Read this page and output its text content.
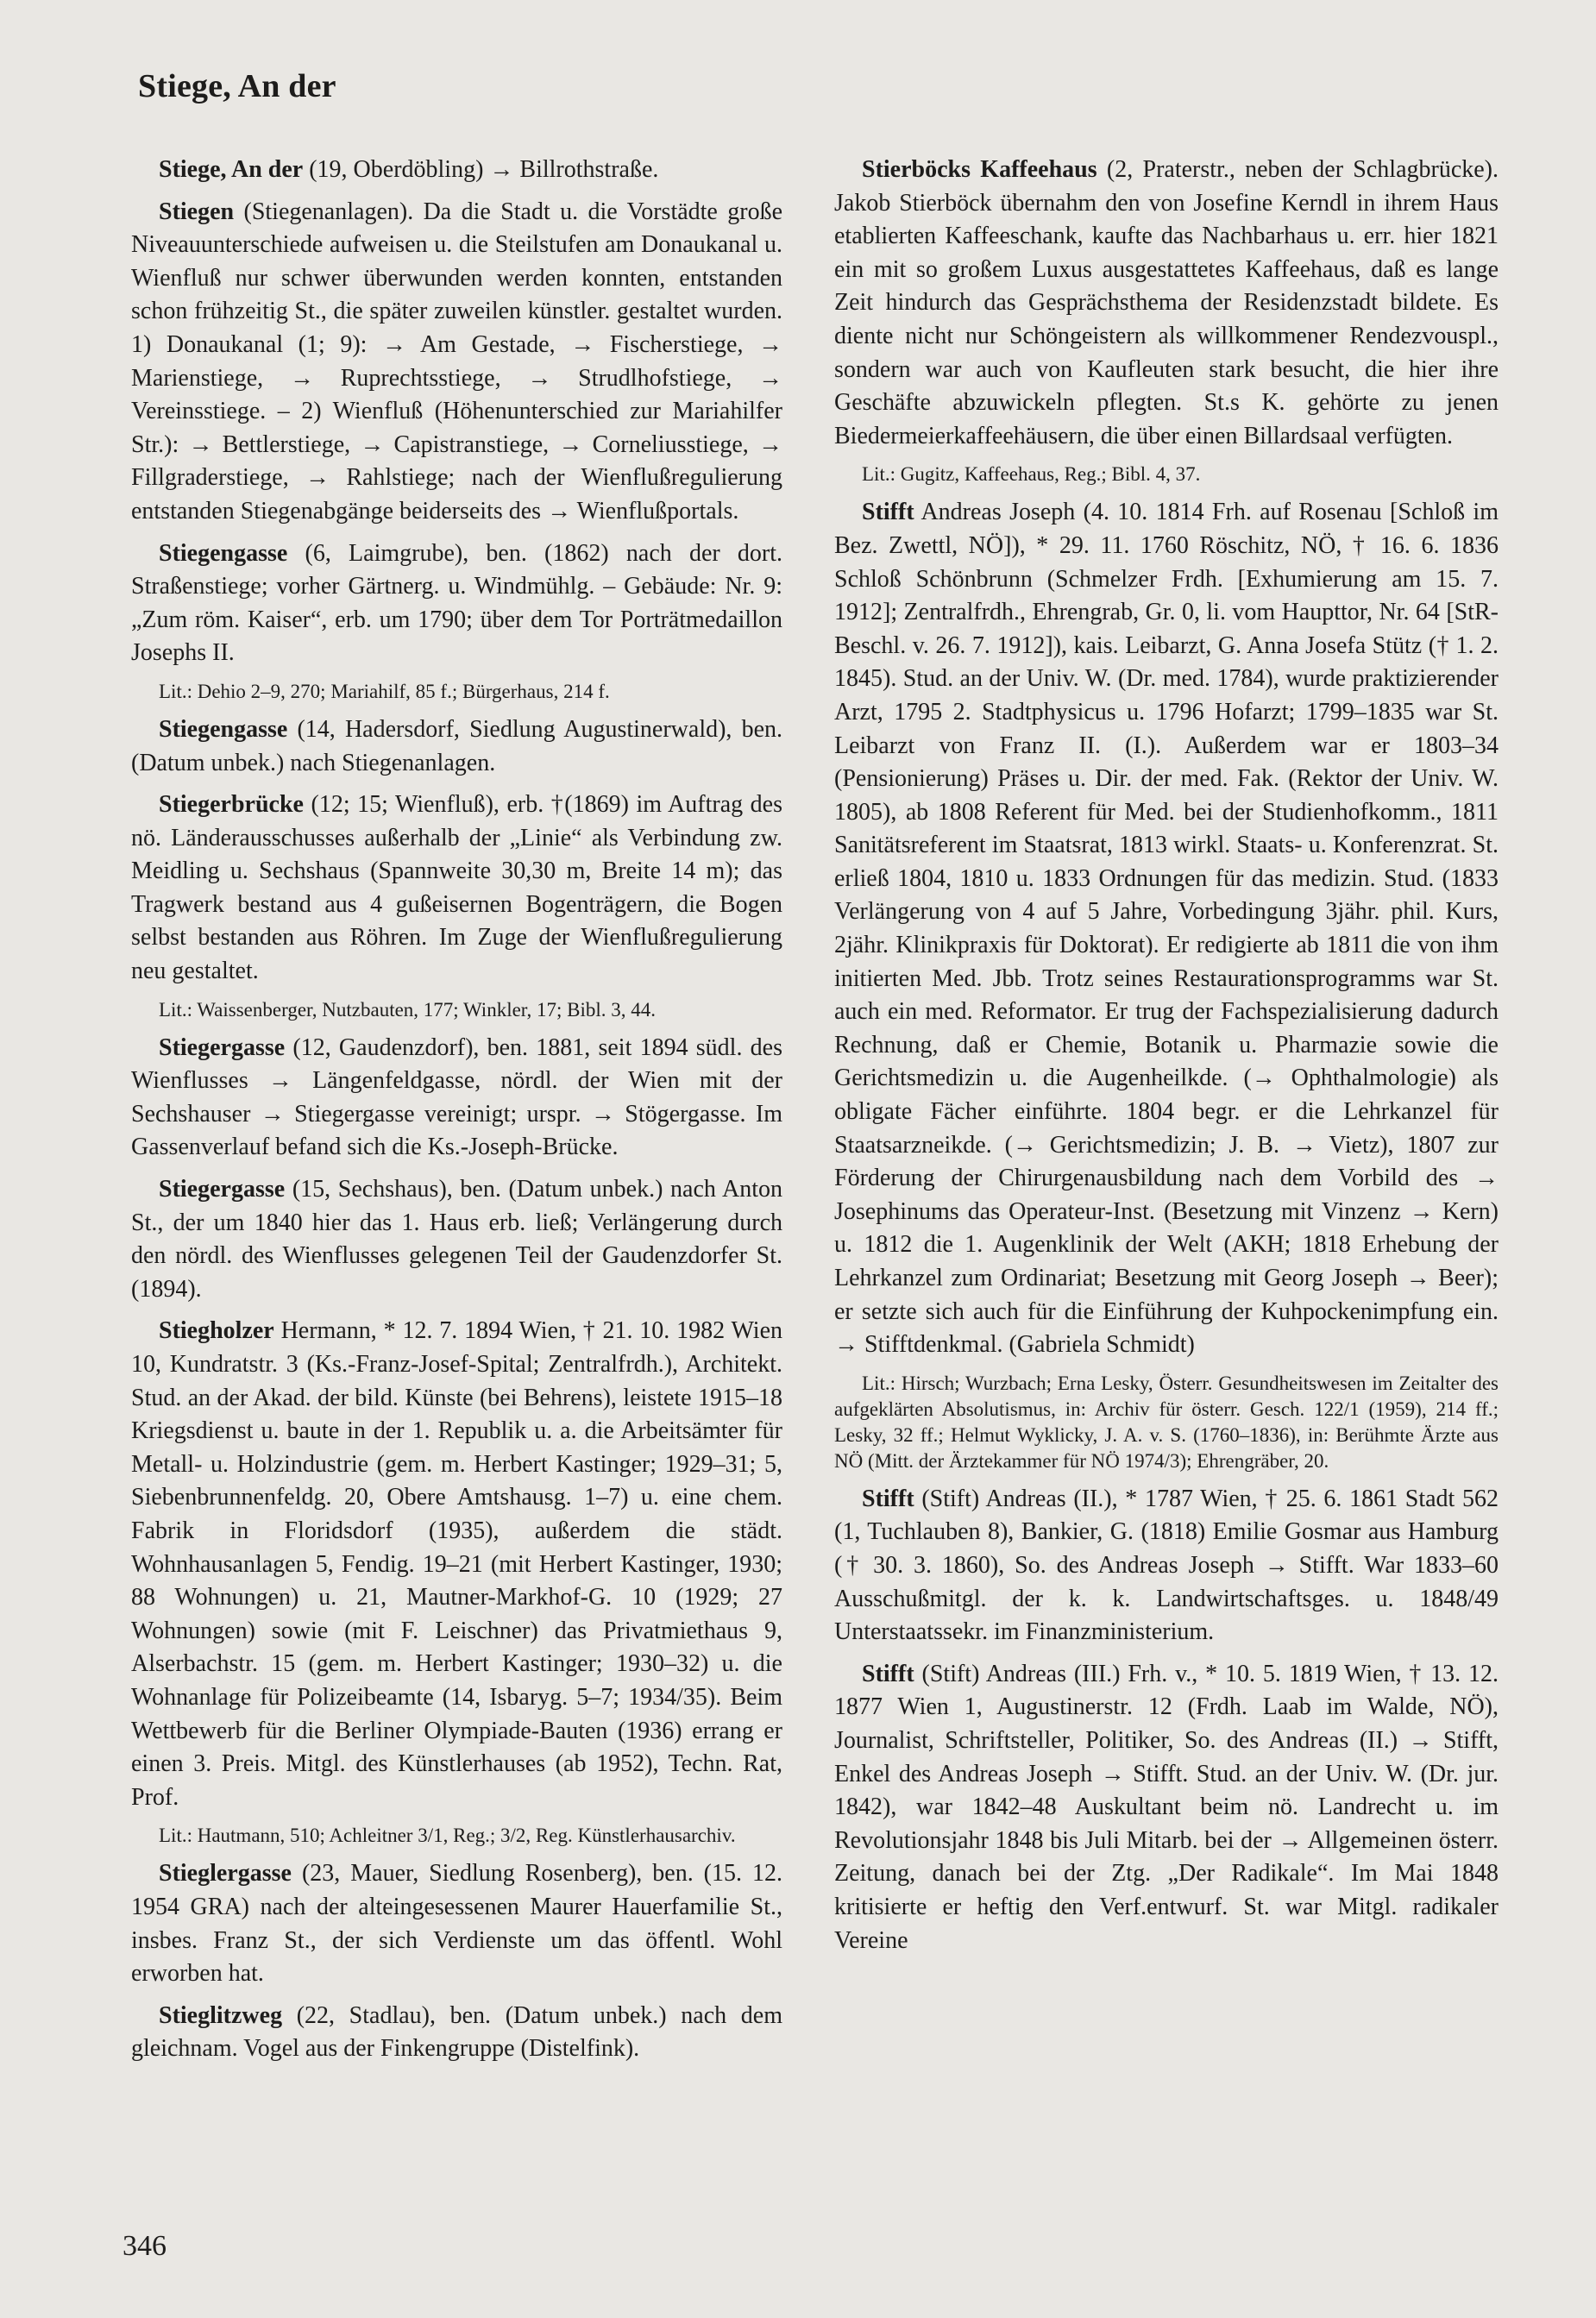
Stiege, An der

Stiege, An der (19, Oberdöbling) → Billrothstraße.

Stiegen (Stiegenanlagen). Da die Stadt u. die Vorstädte große Niveauunterschiede aufweisen u. die Steilstufen am Donaukanal u. Wienfluß nur schwer überwunden werden konnten, entstanden schon frühzeitig St., die später zuweilen künstler. gestaltet wurden. 1) Donaukanal (1; 9): → Am Gestade, → Fischerstiege, → Marienstiege, → Ruprechtsstiege, → Strudlhofstiege, → Vereinsstiege. – 2) Wienfluß (Höhenunterschied zur Mariahilfer Str.): → Bettlerstiege, → Capistranstiege, → Corneliusstiege, → Fillgraderstiege, → Rahlstiege; nach der Wienflußregulierung entstanden Stiegenabgänge beiderseits des → Wienflußportals.

Stiegengasse (6, Laimgrube), ben. (1862) nach der dort. Straßenstiege; vorher Gärtnerg. u. Windmühlg. – Gebäude: Nr. 9: „Zum röm. Kaiser“, erb. um 1790; über dem Tor Porträtmedaillon Josephs II.

Lit.: Dehio 2–9, 270; Mariahilf, 85 f.; Bürgerhaus, 214 f.

Stiegengasse (14, Hadersdorf, Siedlung Augustinerwald), ben. (Datum unbek.) nach Stiegenanlagen.

Stiegerbrücke (12; 15; Wienfluß), erb. †(1869) im Auftrag des nö. Länderausschusses außerhalb der „Linie“ als Verbindung zw. Meidling u. Sechshaus (Spannweite 30,30 m, Breite 14 m); das Tragwerk bestand aus 4 gußeisernen Bogenträgern, die Bogen selbst bestanden aus Röhren. Im Zuge der Wienflußregulierung neu gestaltet.

Lit.: Waissenberger, Nutzbauten, 177; Winkler, 17; Bibl. 3, 44.

Stiegergasse (12, Gaudenzdorf), ben. 1881, seit 1894 südl. des Wienflusses → Längenfeldgasse, nördl. der Wien mit der Sechshauser → Stiegergasse vereinigt; urspr. → Stögergasse. Im Gassenverlauf befand sich die Ks.-Joseph-Brücke.

Stiegergasse (15, Sechshaus), ben. (Datum unbek.) nach Anton St., der um 1840 hier das 1. Haus erb. ließ; Verlängerung durch den nördl. des Wienflusses gelegenen Teil der Gaudenzdorfer St. (1894).

Stiegholzer Hermann, * 12. 7. 1894 Wien, † 21. 10. 1982 Wien 10, Kundratstr. 3 (Ks.-Franz-Josef-Spital; Zentralfrdh.), Architekt. Stud. an der Akad. der bild. Künste (bei Behrens), leistete 1915–18 Kriegsdienst u. baute in der 1. Republik u. a. die Arbeitsämter für Metall- u. Holzindustrie (gem. m. Herbert Kastinger; 1929–31; 5, Siebenbrunnenfeldg. 20, Obere Amtshausg. 1–7) u. eine chem. Fabrik in Floridsdorf (1935), außerdem die städt. Wohnhausanlagen 5, Fendig. 19–21 (mit Herbert Kastinger, 1930; 88 Wohnungen) u. 21, Mautner-Markhof-G. 10 (1929; 27 Wohnungen) sowie (mit F. Leischner) das Privatmiethaus 9, Alserbachstr. 15 (gem. m. Herbert Kastinger; 1930–32) u. die Wohnanlage für Polizeibeamte (14, Isbaryg. 5–7; 1934/35). Beim Wettbewerb für die Berliner Olympiade-Bauten (1936) errang er einen 3. Preis. Mitgl. des Künstlerhauses (ab 1952), Techn. Rat, Prof.

Lit.: Hautmann, 510; Achleitner 3/1, Reg.; 3/2, Reg. Künstlerhausarchiv.

Stieglergasse (23, Mauer, Siedlung Rosenberg), ben. (15. 12. 1954 GRA) nach der alteingesessenen Maurer Hauerfamilie St., insbes. Franz St., der sich Verdienste um das öffentl. Wohl erworben hat.

Stieglitzweg (22, Stadlau), ben. (Datum unbek.) nach dem gleichnam. Vogel aus der Finkengruppe (Distelfink).

Stierböcks Kaffeehaus (2, Praterstr., neben der Schlagbrücke). Jakob Stierböck übernahm den von Josefine Kerndl in ihrem Haus etablierten Kaffeeschank, kaufte das Nachbarhaus u. err. hier 1821 ein mit so großem Luxus ausgestattetes Kaffeehaus, daß es lange Zeit hindurch das Gesprächsthema der Residenzstadt bildete. Es diente nicht nur Schöngeistern als willkommener Rendezvouspl., sondern war auch von Kaufleuten stark besucht, die hier ihre Geschäfte abzuwickeln pflegten. St.s K. gehörte zu jenen Biedermeierkaffeehäusern, die über einen Billardsaal verfügten.

Lit.: Gugitz, Kaffeehaus, Reg.; Bibl. 4, 37.

Stifft Andreas Joseph (4. 10. 1814 Frh. auf Rosenau [Schloß im Bez. Zwettl, NÖ]), * 29. 11. 1760 Röschitz, NÖ, † 16. 6. 1836 Schloß Schönbrunn (Schmelzer Frdh. [Exhumierung am 15. 7. 1912]; Zentralfrdh., Ehrengrab, Gr. 0, li. vom Haupttor, Nr. 64 [StR-Beschl. v. 26. 7. 1912]), kais. Leibarzt, G. Anna Josefa Stütz († 1. 2. 1845). Stud. an der Univ. W. (Dr. med. 1784), wurde praktizierender Arzt, 1795 2. Stadtphysicus u. 1796 Hofarzt; 1799–1835 war St. Leibarzt von Franz II. (I.). Außerdem war er 1803–34 (Pensionierung) Präses u. Dir. der med. Fak. (Rektor der Univ. W. 1805), ab 1808 Referent für Med. bei der Studienhofkomm., 1811 Sanitätsreferent im Staatsrat, 1813 wirkl. Staats- u. Konferenzrat. St. erließ 1804, 1810 u. 1833 Ordnungen für das medizin. Stud. (1833 Verlängerung von 4 auf 5 Jahre, Vorbedingung 3jähr. phil. Kurs, 2jähr. Klinikpraxis für Doktorat). Er redigierte ab 1811 die von ihm initierten Med. Jbb. Trotz seines Restaurationsprogramms war St. auch ein med. Reformator. Er trug der Fachspezialisierung dadurch Rechnung, daß er Chemie, Botanik u. Pharmazie sowie die Gerichtsmedizin u. die Augenheilkde. (→ Ophthalmologie) als obligate Fächer einführte. 1804 begr. er die Lehrkanzel für Staatsarzneikde. (→ Gerichtsmedizin; J. B. → Vietz), 1807 zur Förderung der Chirurgenausbildung nach dem Vorbild des → Josephinums das Operateur-Inst. (Besetzung mit Vinzenz → Kern) u. 1812 die 1. Augenklinik der Welt (AKH; 1818 Erhebung der Lehrkanzel zum Ordinariat; Besetzung mit Georg Joseph → Beer); er setzte sich auch für die Einführung der Kuhpockenimpfung ein. → Stifftdenkmal. (Gabriela Schmidt)

Lit.: Hirsch; Wurzbach; Erna Lesky, Österr. Gesundheitswesen im Zeitalter des aufgeklärten Absolutismus, in: Archiv für österr. Gesch. 122/1 (1959), 214 ff.; Lesky, 32 ff.; Helmut Wyklicky, J. A. v. S. (1760–1836), in: Berühmte Ärzte aus NÖ (Mitt. der Ärztekammer für NÖ 1974/3); Ehrengräber, 20.

Stifft (Stift) Andreas (II.), * 1787 Wien, † 25. 6. 1861 Stadt 562 (1, Tuchlauben 8), Bankier, G. (1818) Emilie Gosmar aus Hamburg († 30. 3. 1860), So. des Andreas Joseph → Stifft. War 1833–60 Ausschußmitgl. der k. k. Landwirtschaftsges. u. 1848/49 Unterstaatssekr. im Finanzministerium.

Stifft (Stift) Andreas (III.) Frh. v., * 10. 5. 1819 Wien, † 13. 12. 1877 Wien 1, Augustinerstr. 12 (Frdh. Laab im Walde, NÖ), Journalist, Schriftsteller, Politiker, So. des Andreas (II.) → Stifft, Enkel des Andreas Joseph → Stifft. Stud. an der Univ. W. (Dr. jur. 1842), war 1842–48 Auskultant beim nö. Landrecht u. im Revolutionsjahr 1848 bis Juli Mitarb. bei der → Allgemeinen österr. Zeitung, danach bei der Ztg. „Der Radikale“. Im Mai 1848 kritisierte er heftig den Verf.entwurf. St. war Mitgl. radikaler Vereine

346
